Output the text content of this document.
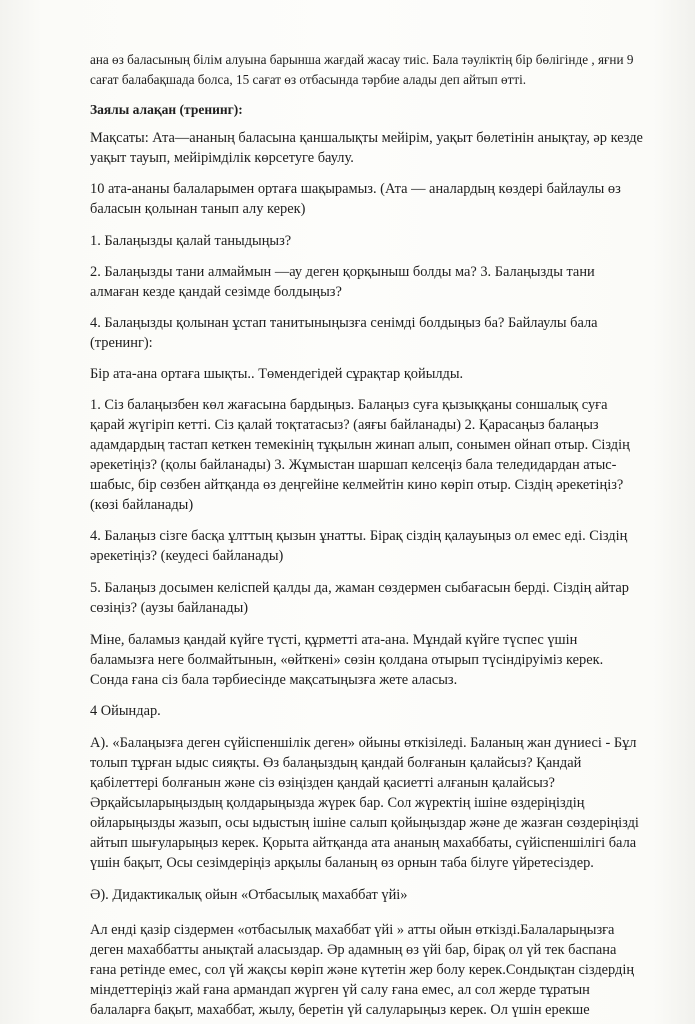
ана өз баласының білім алуына барынша жағдай жасау тиіс. Бала тәуліктің бір бөлігінде , яғни 9 сағат балабақшада болса, 15 сағат өз отбасында тәрбие алады деп айтып өтті.

Заялы алақан (тренинг):

Мақсаты: Ата—ананың баласына қаншалықты мейірім, уақыт бөлетінін анықтау, әр кезде уақыт тауып, мейірімділік көрсетуге баулу.

10 ата-ананы балаларымен ортаға шақырамыз. (Ата — аналардың көздері байлаулы өз баласын қолынан танып алу керек)

1. Балаңызды қалай таныдыңыз?

2. Балаңызды тани алмаймын —ау деген қорқыныш болды ма? 3. Балаңызды тани алмаған кезде қандай сезімде болдыңыз?

4. Балаңызды қолынан ұстап танитыныңызға сенімді болдыңыз ба? Байлаулы бала (тренинг):

Бір ата-ана ортаға шықты.. Төмендегідей сұрақтар қойылды.

1. Сіз балаңызбен көл жағасына бардыңыз. Балаңыз суға қызыққаны соншалық суға қарай жүгіріп кетті. Сіз қалай тоқтатасыз? (аяғы байланады) 2. Қарасаңыз балаңыз адамдардың тастап кеткен темекінің тұқылын жинап алып, сонымен ойнап отыр. Сіздің әрекетіңіз? (қолы байланады) 3. Жұмыстан шаршап келсеңіз бала теледидардан атыс-шабыс, бір сөзбен айтқанда өз деңгейіне келмейтін кино көріп отыр. Сіздің әрекетіңіз? (көзі байланады)

4. Балаңыз сізге басқа ұлттың қызын ұнатты. Бірақ сіздің қалауыңыз ол емес еді. Сіздің әрекетіңіз? (кеудесі байланады)

5. Балаңыз досымен келіспей қалды да, жаман сөздермен сыбағасын берді. Сіздің айтар сөзіңіз? (аузы байланады)

Міне, баламыз қандай күйге түсті, құрметті ата-ана. Мұндай күйге түспес үшін баламызға неге болмайтынын, «өйткені» сөзін қолдана отырып түсіндіруіміз керек. Сонда ғана сіз бала тәрбиесінде мақсатыңызға жете аласыз.

4 Ойындар.

А). «Балаңызға деген сүйіспеншілік деген» ойыны өткізіледі. Баланың жан дүниесі - Бұл толып тұрған ыдыс сияқты. Өз балаңыздың қандай болғанын қалайсыз? Қандай қабілеттері болғанын және сіз өзіңізден қандай қасиетті алғанын қалайсыз? Әрқайсыларыңыздың қолдарыңызда жүрек бар. Сол жүректің ішіне өздеріңіздің ойларыңызды жазып, осы ыдыстың ішіне салып қойыңыздар және де жазған сөздеріңізді айтып шығуларыңыз керек. Қорыта айтқанда ата ананың махаббаты, сүйіспеншілігі бала үшін бақыт, Осы сезімдеріңіз арқылы баланың өз орнын таба білуге үйретесіздер.

Ә). Дидактикалық ойын «Отбасылық махаббат үйі»

Ал енді қазір сіздермен «отбасылық махаббат үйі » атты ойын өткізді.Балаларыңызға деген махаббатты анықтай аласыздар. Әр адамның өз үйі бар, бірақ ол үй тек баспана ғана ретінде емес, сол үй жақсы көріп және күтетін жер болу керек.Сондықтан сіздердің міндеттеріңіз жай ғана армандап жүрген үй салу ғана емес, ал сол жерде тұратын балаларға бақыт, махаббат, жылу, беретін үй салуларыңыз керек. Ол үшін ерекше
